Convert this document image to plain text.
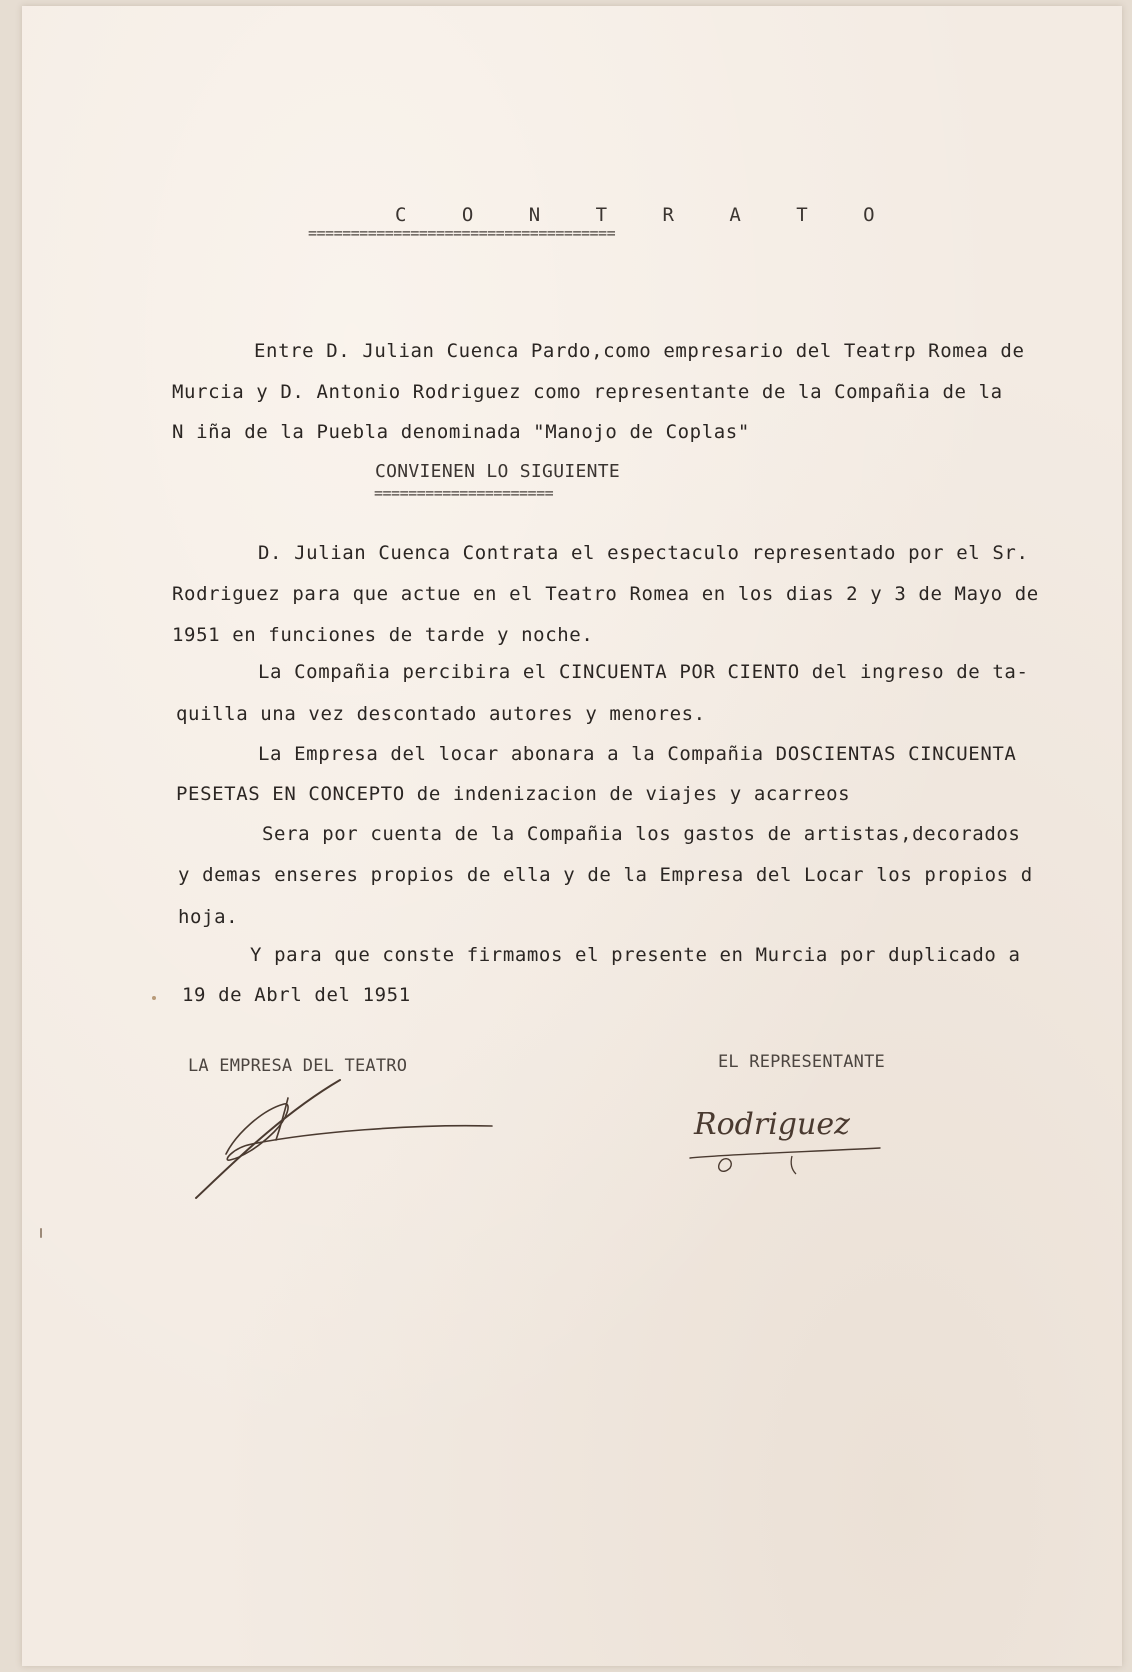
C O N T R A T O
====================================
Entre D. Julian Cuenca Pardo,como empresario del Teatrp Romea de
Murcia y D. Antonio Rodriguez como representante de la Compañia de la
N iña de la Puebla denominada "Manojo de Coplas"
CONVIENEN LO SIGUIENTE
=====================
D. Julian Cuenca Contrata el espectaculo representado por el Sr.
Rodriguez para que actue en el Teatro Romea en los dias 2 y 3 de Mayo de
1951 en funciones de tarde y noche.
La Compañia percibira el CINCUENTA POR CIENTO del ingreso de ta-
quilla una vez descontado autores y menores.
La Empresa del locar abonara a la Compañia DOSCIENTAS CINCUENTA
PESETAS EN CONCEPTO de indenizacion de viajes y acarreos
Sera por cuenta de la Compañia los gastos de artistas,decorados
y demas enseres propios de ella y de la Empresa del Locar los propios d
hoja.
Y para que conste firmamos el presente en Murcia por duplicado a
19 de Abrl del 1951
LA EMPRESA DEL TEATRO	EL REPRESENTANTE
Rodriguez
